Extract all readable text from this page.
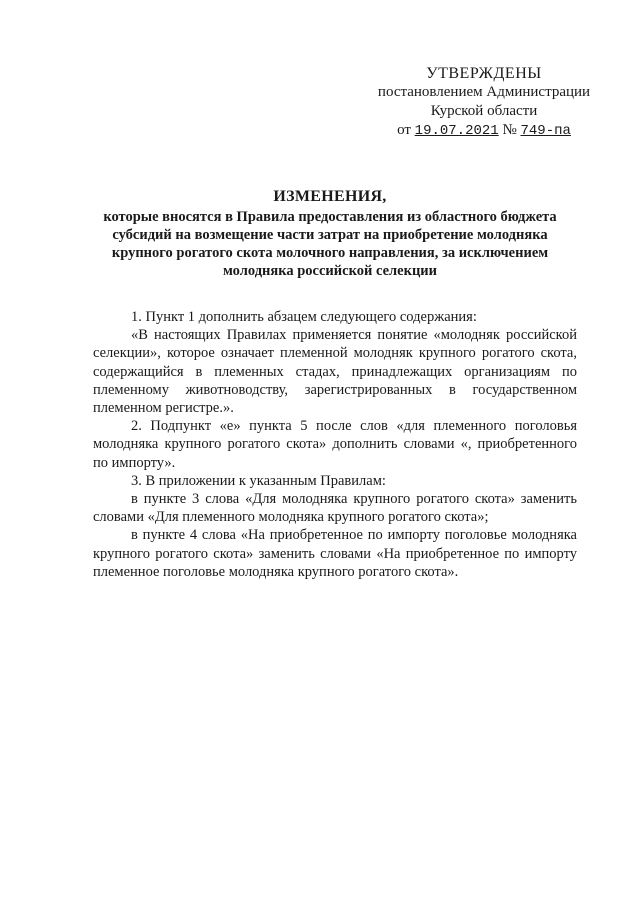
УТВЕРЖДЕНЫ
постановлением Администрации
Курской области
от 19.07.2021 № 749-па
ИЗМЕНЕНИЯ,
которые вносятся в Правила предоставления из областного бюджета субсидий на возмещение части затрат на приобретение молодняка крупного рогатого скота молочного направления, за исключением молодняка российской селекции

1. Пункт 1 дополнить абзацем следующего содержания:

«В настоящих Правилах применяется понятие «молодняк российской селекции», которое означает племенной молодняк крупного рогатого скота, содержащийся в племенных стадах, принадлежащих организациям по племенному животноводству, зарегистрированных в государственном племенном регистре.».

2. Подпункт «е» пункта 5 после слов «для племенного поголовья молодняка крупного рогатого скота» дополнить словами «, приобретенного по импорту».

3. В приложении к указанным Правилам:

в пункте 3 слова «Для молодняка крупного рогатого скота» заменить словами «Для племенного молодняка крупного рогатого скота»;

в пункте 4 слова «На приобретенное по импорту поголовье молодняка крупного рогатого скота» заменить словами «На приобретенное по импорту племенное поголовье молодняка крупного рогатого скота».
